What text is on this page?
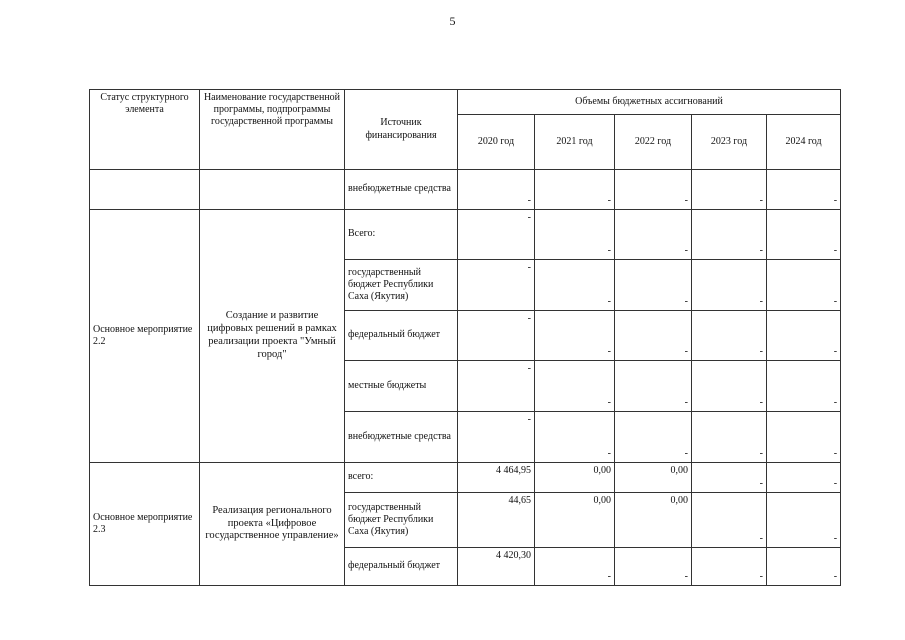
5
Статус структурного элемента	Наименование государственной программы, подпрограммы государственной программы	Источник финансирования	Объемы бюджетных ассигнований				
			2020 год	2021 год	2022 год	2023 год	2024 год
		внебюджетные средства	-	-	-	-	-
Основное мероприятие 2.2	Создание и развитие цифровых решений в рамках реализации проекта "Умный город"	Всего:	-	-	-	-	-
		государственный бюджет Республики Саха (Якутия)	-	-	-	-	-
		федеральный бюджет	-	-	-	-	-
		местные бюджеты	-	-	-	-	-
		внебюджетные средства	-	-	-	-	-
Основное мероприятие 2.3	Реализация регионального проекта «Цифровое государственное управление»	всего:	4 464,95	0,00	0,00	-	-
		государственный бюджет Республики Саха (Якутия)	44,65	0,00	0,00	-	-
		федеральный бюджет	4 420,30	-	-	-	-
